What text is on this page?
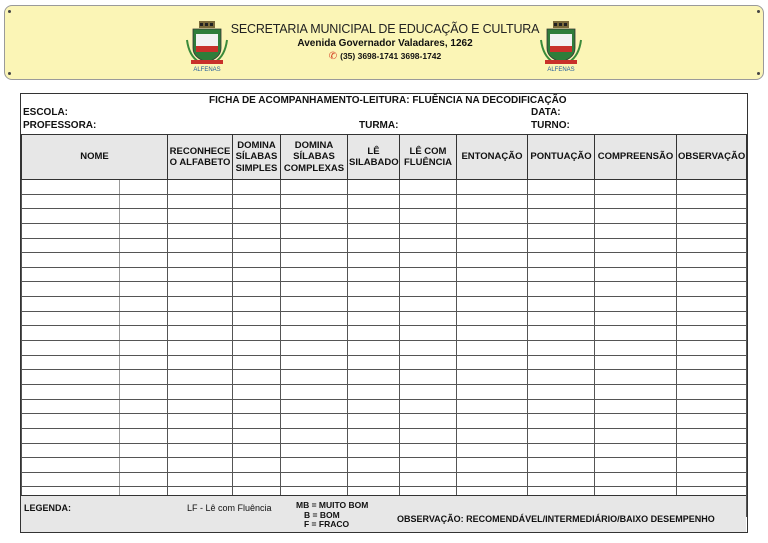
ALFENAS
SECRETARIA MUNICIPAL DE EDUCAÇÃO E CULTURA
Avenida Governador Valadares, 1262
✆ (35) 3698-1741 3698-1742
ALFENAS
FICHA DE ACOMPANHAMENTO-LEITURA: FLUÊNCIA NA DECODIFICAÇÃO
ESCOLA:
PROFESSORA:	TURMA:
DATA:
TURNO:
NOME		RECONHECE O ALFABETO	DOMINA SÍLABAS SIMPLES	DOMINA SÍLABAS COMPLEXAS	LÊ SILABADO	LÊ COM FLUÊNCIA	ENTONAÇÃO	PONTUAÇÃO	COMPREENSÃO	OBSERVAÇÃO

LEGENDA:	LF - Lê com Fluência	MB = MUITO BOM
B = BOM
F = FRACO	OBSERVAÇÃO: RECOMENDÁVEL/INTERMEDIÁRIO/BAIXO DESEMPENHO
